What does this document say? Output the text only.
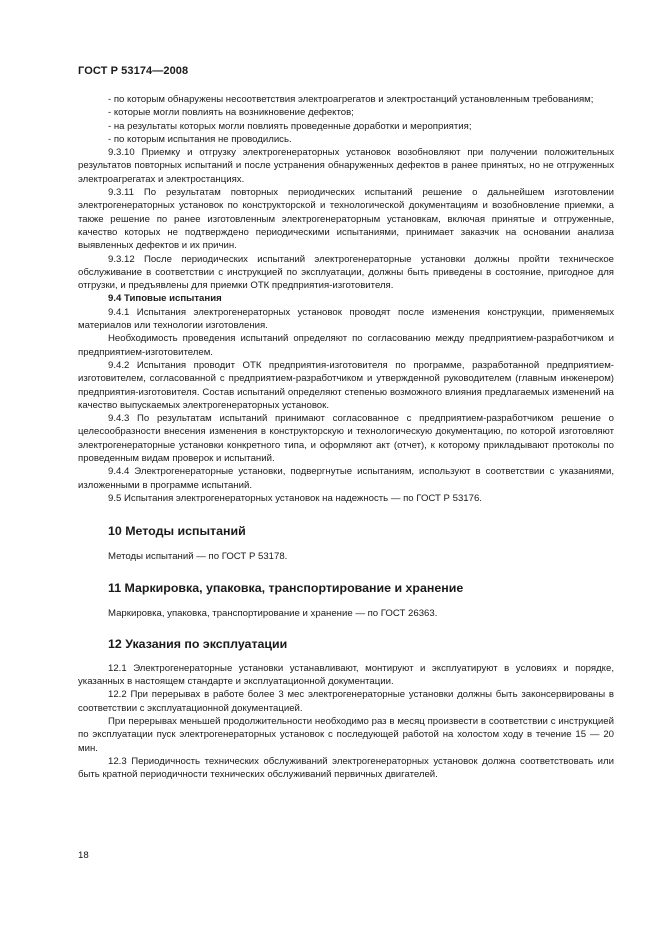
ГОСТ Р 53174—2008

- по которым обнаружены несоответствия электроагрегатов и электростанций установленным требованиям;

- которые могли повлиять на возникновение дефектов;

- на результаты которых могли повлиять проведенные доработки и мероприятия;

- по которым испытания не проводились.

9.3.10 Приемку и отгрузку электрогенераторных установок возобновляют при получении положительных результатов повторных испытаний и после устранения обнаруженных дефектов в ранее принятых, но не отгруженных электроагрегатах и электростанциях.

9.3.11 По результатам повторных периодических испытаний решение о дальнейшем изготовлении электрогенераторных установок по конструкторской и технологической документациям и возобновление приемки, а также решение по ранее изготовленным электрогенераторным установкам, включая принятые и отгруженные, качество которых не подтверждено периодическими испытаниями, принимает заказчик на основании анализа выявленных дефектов и их причин.

9.3.12 После периодических испытаний электрогенераторные установки должны пройти техническое обслуживание в соответствии с инструкцией по эксплуатации, должны быть приведены в состояние, пригодное для отгрузки, и предъявлены для приемки ОТК предприятия-изготовителя.

9.4 Типовые испытания

9.4.1 Испытания электрогенераторных установок проводят после изменения конструкции, применяемых материалов или технологии изготовления.

Необходимость проведения испытаний определяют по согласованию между предприятием-разработчиком и предприятием-изготовителем.

9.4.2 Испытания проводит ОТК предприятия-изготовителя по программе, разработанной предприятием-изготовителем, согласованной с предприятием-разработчиком и утвержденной руководителем (главным инженером) предприятия-изготовителя. Состав испытаний определяют степенью возможного влияния предлагаемых изменений на качество выпускаемых электрогенераторных установок.

9.4.3 По результатам испытаний принимают согласованное с предприятием-разработчиком решение о целесообразности внесения изменения в конструкторскую и технологическую документацию, по которой изготовляют электрогенераторные установки конкретного типа, и оформляют акт (отчет), к которому прикладывают протоколы по проведенным видам проверок и испытаний.

9.4.4 Электрогенераторные установки, подвергнутые испытаниям, используют в соответствии с указаниями, изложенными в программе испытаний.

9.5 Испытания электрогенераторных установок на надежность — по ГОСТ Р 53176.

10 Методы испытаний

Методы испытаний — по ГОСТ Р 53178.

11 Маркировка, упаковка, транспортирование и хранение

Маркировка, упаковка, транспортирование и хранение — по ГОСТ 26363.

12 Указания по эксплуатации

12.1 Электрогенераторные установки устанавливают, монтируют и эксплуатируют в условиях и порядке, указанных в настоящем стандарте и эксплуатационной документации.

12.2 При перерывах в работе более 3 мес электрогенераторные установки должны быть законсервированы в соответствии с эксплуатационной документацией.

При перерывах меньшей продолжительности необходимо раз в месяц произвести в соответствии с инструкцией по эксплуатации пуск электрогенераторных установок с последующей работой на холостом ходу в течение 15 — 20 мин.

12.3 Периодичность технических обслуживаний электрогенераторных установок должна соответствовать или быть кратной периодичности технических обслуживаний первичных двигателей.

18
